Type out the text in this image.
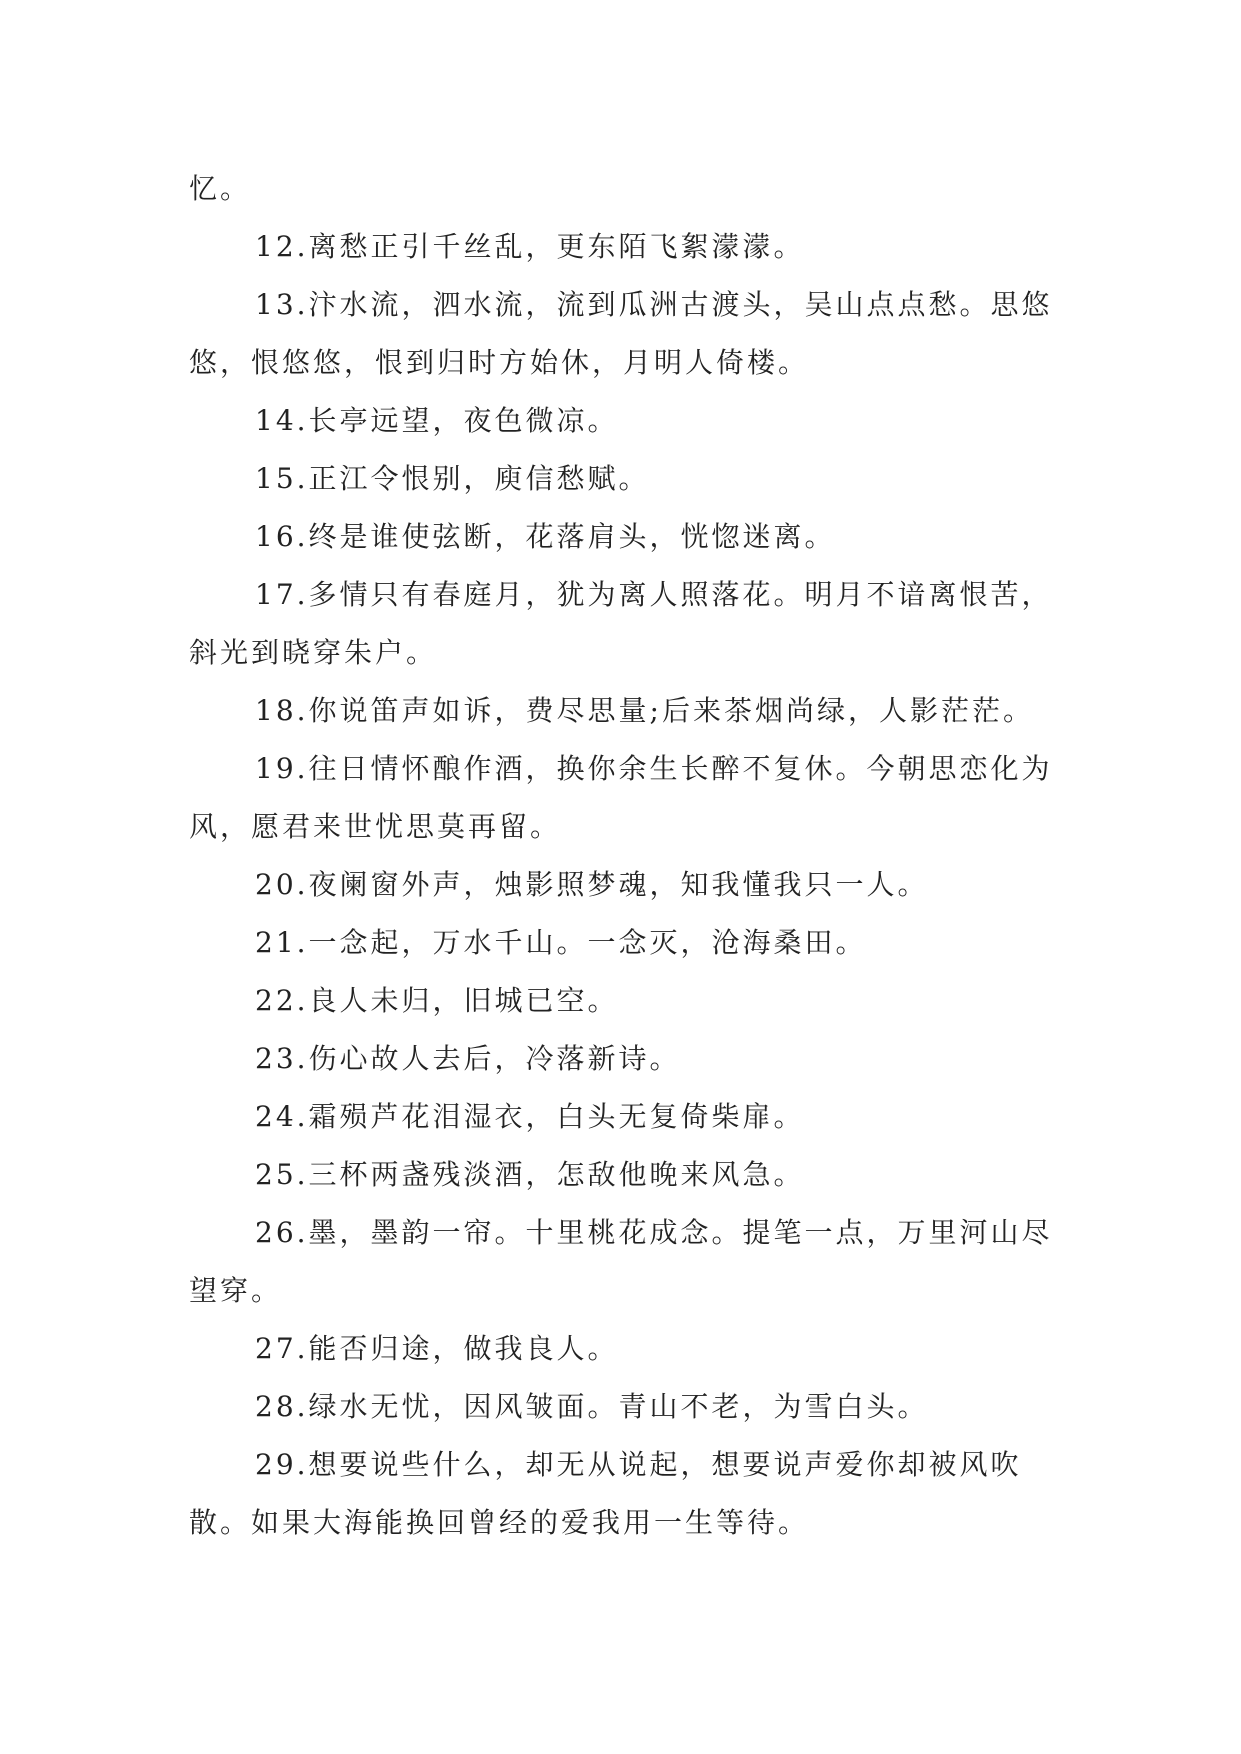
忆。

12.离愁正引千丝乱，更东陌飞絮濛濛。

13.汴水流，泗水流，流到瓜洲古渡头，吴山点点愁。思悠悠，恨悠悠，恨到归时方始休，月明人倚楼。

14.长亭远望，夜色微凉。

15.正江令恨别，庾信愁赋。

16.终是谁使弦断，花落肩头，恍惚迷离。

17.多情只有春庭月，犹为离人照落花。明月不谙离恨苦，斜光到晓穿朱户。

18.你说笛声如诉，费尽思量;后来茶烟尚绿，人影茫茫。

19.往日情怀酿作酒，换你余生长醉不复休。今朝思恋化为风，愿君来世忧思莫再留。

20.夜阑窗外声，烛影照梦魂，知我懂我只一人。

21.一念起，万水千山。一念灭，沧海桑田。

22.良人未归，旧城已空。

23.伤心故人去后，冷落新诗。

24.霜殒芦花泪湿衣，白头无复倚柴扉。

25.三杯两盏残淡酒，怎敌他晚来风急。

26.墨，墨韵一帘。十里桃花成念。提笔一点，万里河山尽望穿。

27.能否归途，做我良人。

28.绿水无忧，因风皱面。青山不老，为雪白头。

29.想要说些什么，却无从说起，想要说声爱你却被风吹散。如果大海能换回曾经的爱我用一生等待。
